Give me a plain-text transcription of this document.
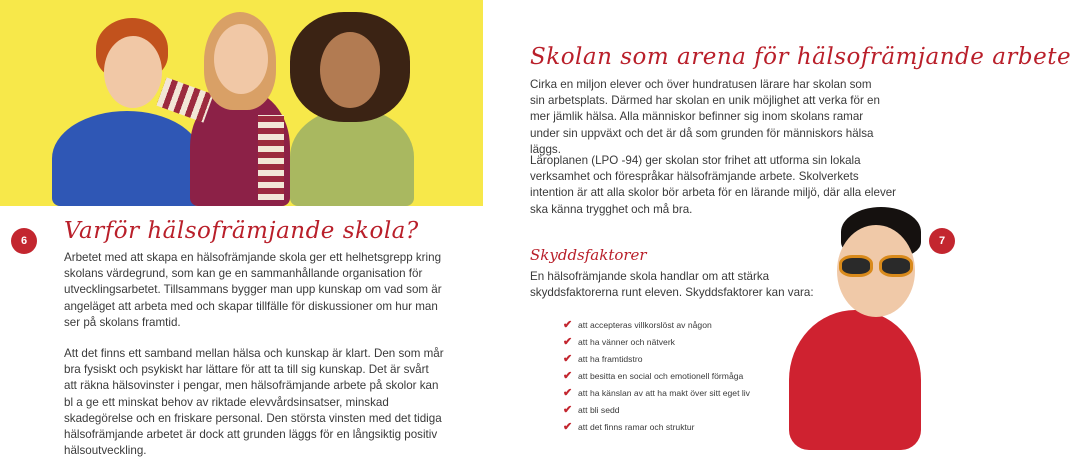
6	Varför hälsofrämjande skola?

Arbetet med att skapa en hälsofrämjande skola ger ett helhetsgrepp kring skolans värdegrund, som kan ge en sammanhållande organisation för utvecklingsarbetet. Tillsammans bygger man upp kunskap om vad som är angeläget att arbeta med och skapar tillfälle för diskussioner om hur man ser på skolans framtid.

Att det finns ett samband mellan hälsa och kunskap är klart. Den som mår bra fysiskt och psykiskt har lättare för att ta till sig kunskap. Det är svårt att räkna hälsovinster i pengar, men hälsofrämjande arbete på skolor kan bl a ge ett minskat behov av riktade elevvårdsinsatser, minskad skadegörelse och en friskare personal. Den största vinsten med det tidiga hälsofrämjande arbetet är dock att grunden läggs för en långsiktig positiv hälsoutveckling.

Skolan som arena för hälsofrämjande arbete

Cirka en miljon elever och över hundratusen lärare har skolan som sin arbetsplats. Därmed har skolan en unik möjlighet att verka för en mer jämlik hälsa. Alla människor befinner sig inom skolans ramar under sin uppväxt och det är då som grunden för människors hälsa läggs.

Läroplanen (LPO -94) ger skolan stor frihet att utforma sin lokala verksamhet och förespråkar hälsofrämjande arbete. Skolverkets intention är att alla skolor bör arbeta för en lärande miljö, där alla elever ska känna trygghet och må bra.

7
Skyddsfaktorer

En hälsofrämjande skola handlar om att stärka skyddsfaktorerna runt eleven. Skyddsfaktorer kan vara:

✔ att accepteras villkorslöst av någon
✔ att ha vänner och nätverk
✔ att ha framtidstro
✔ att besitta en social och emotionell förmåga
✔ att ha känslan av att ha makt över sitt eget liv
✔ att bli sedd
✔ att det finns ramar och struktur
